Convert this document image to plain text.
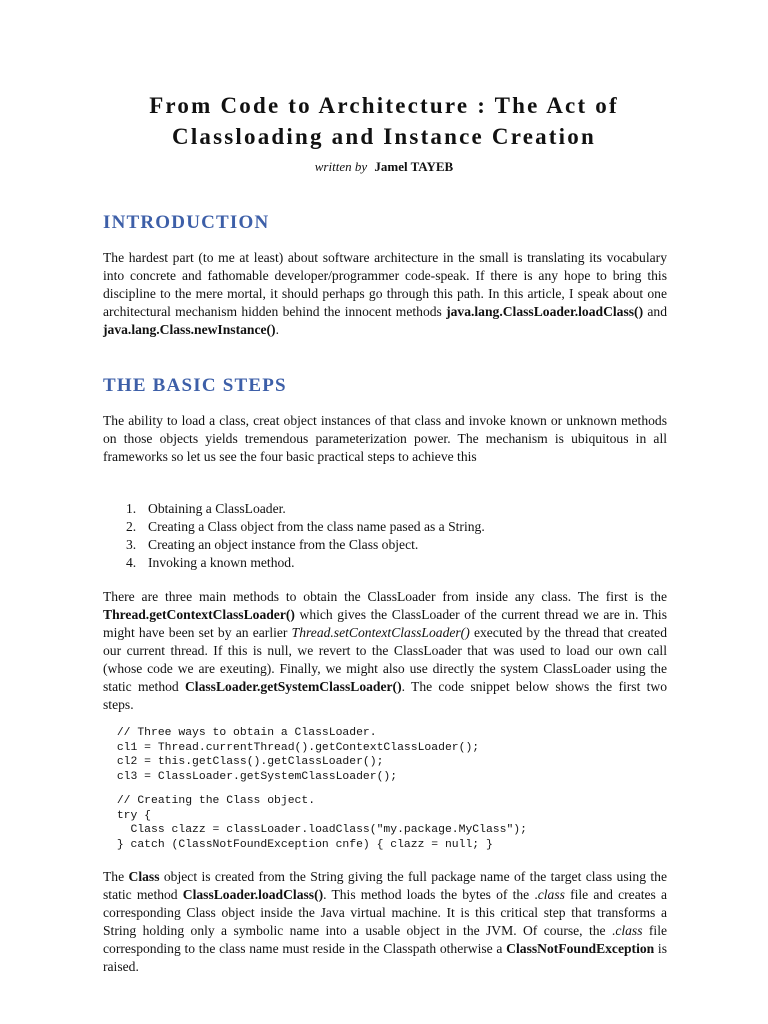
From Code to Architecture : The Act of
Classloading and Instance Creation
written by Jamel TAYEB
INTRODUCTION
The hardest part (to me at least) about software architecture in the small is translating its vocabulary into concrete and fathomable developer/programmer code-speak. If there is any hope to bring this discipline to the mere mortal, it should perhaps go through this path. In this article, I speak about one architectural mechanism hidden behind the innocent methods java.lang.ClassLoader.loadClass() and java.lang.Class.newInstance().
THE BASIC STEPS
The ability to load a class, creat object instances of that class and invoke known or unknown methods on those objects yields tremendous parameterization power. The mechanism is ubiquitous in all frameworks so let us see the four basic practical steps to achieve this
1. Obtaining a ClassLoader.
2. Creating a Class object from the class name pased as a String.
3. Creating an object instance from the Class object.
4. Invoking a known method.
There are three main methods to obtain the ClassLoader from inside any class. The first is the Thread.getContextClassLoader() which gives the ClassLoader of the current thread we are in. This might have been set by an earlier Thread.setContextClassLoader() executed by the thread that created our current thread. If this is null, we revert to the ClassLoader that was used to load our own call (whose code we are exeuting). Finally, we might also use directly the system ClassLoader using the static method ClassLoader.getSystemClassLoader(). The code snippet below shows the first two steps.
// Three ways to obtain a ClassLoader.
cl1 = Thread.currentThread().getContextClassLoader();
cl2 = this.getClass().getClassLoader();
cl3 = ClassLoader.getSystemClassLoader();
// Creating the Class object.
try {
Class clazz = classLoader.loadClass("my.package.MyClass");
} catch (ClassNotFoundException cnfe) { clazz = null; }
The Class object is created from the String giving the full package name of the target class using the static method ClassLoader.loadClass(). This method loads the bytes of the .class file and creates a corresponding Class object inside the Java virtual machine. It is this critical step that transforms a String holding only a symbolic name into a usable object in the JVM. Of course, the .class file corresponding to the class name must reside in the Classpath otherwise a ClassNotFoundException is raised.
